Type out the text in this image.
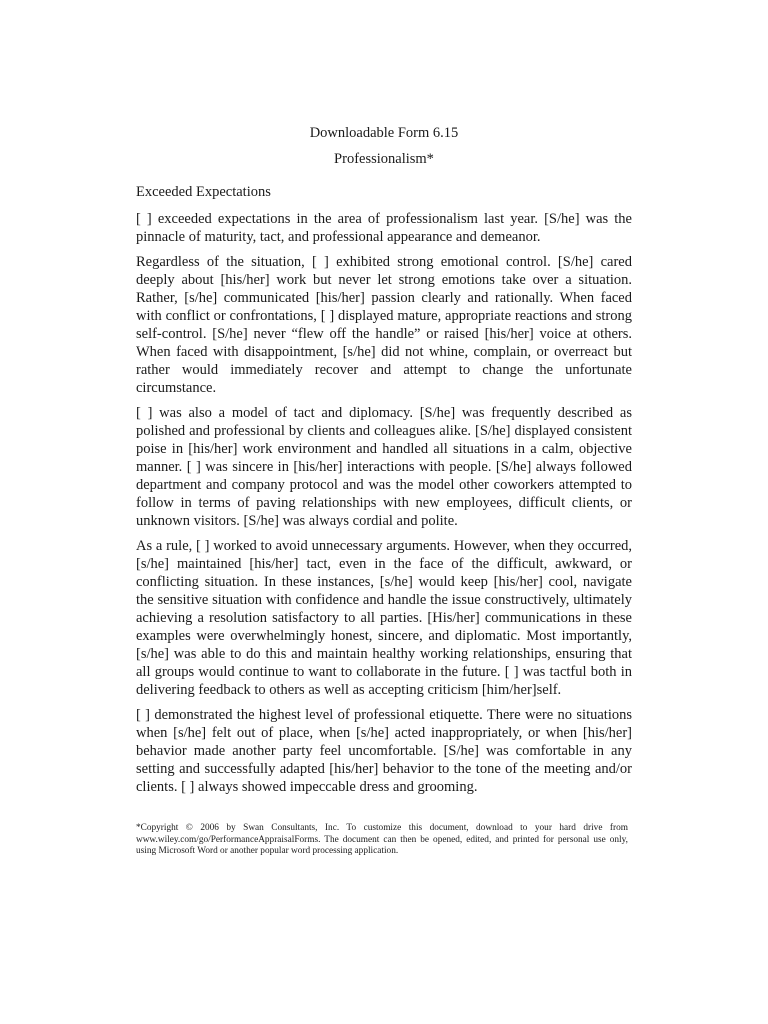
Downloadable Form 6.15

Professionalism*

Exceeded Expectations

[ ] exceeded expectations in the area of professionalism last year. [S/he] was the pinnacle of maturity, tact, and professional appearance and demeanor.

Regardless of the situation, [ ] exhibited strong emotional control. [S/he] cared deeply about [his/her] work but never let strong emotions take over a situation. Rather, [s/he] communicated [his/her] passion clearly and rationally. When faced with conflict or confrontations, [ ] displayed mature, appropriate reactions and strong self-control. [S/he] never “flew off the handle” or raised [his/her] voice at others. When faced with disappointment, [s/he] did not whine, complain, or overreact but rather would immediately recover and attempt to change the unfortunate circumstance.

[ ] was also a model of tact and diplomacy. [S/he] was frequently described as polished and professional by clients and colleagues alike. [S/he] displayed consistent poise in [his/her] work environment and handled all situations in a calm, objective manner. [ ] was sincere in [his/her] interactions with people. [S/he] always followed department and company protocol and was the model other coworkers attempted to follow in terms of paving relationships with new employees, difficult clients, or unknown visitors. [S/he] was always cordial and polite.

As a rule, [ ] worked to avoid unnecessary arguments. However, when they occurred, [s/he] maintained [his/her] tact, even in the face of the difficult, awkward, or conflicting situation. In these instances, [s/he] would keep [his/her] cool, navigate the sensitive situation with confidence and handle the issue constructively, ultimately achieving a resolution satisfactory to all parties. [His/her] communications in these examples were overwhelmingly honest, sincere, and diplomatic. Most importantly, [s/he] was able to do this and maintain healthy working relationships, ensuring that all groups would continue to want to collaborate in the future. [ ] was tactful both in delivering feedback to others as well as accepting criticism [him/her]self.

[ ] demonstrated the highest level of professional etiquette. There were no situations when [s/he] felt out of place, when [s/he] acted inappropriately, or when [his/her] behavior made another party feel uncomfortable. [S/he] was comfortable in any setting and successfully adapted [his/her] behavior to the tone of the meeting and/or clients. [ ] always showed impeccable dress and grooming.

*Copyright © 2006 by Swan Consultants, Inc. To customize this document, download to your hard drive from www.wiley.com/go/PerformanceAppraisalForms. The document can then be opened, edited, and printed for personal use only, using Microsoft Word or another popular word processing application.
